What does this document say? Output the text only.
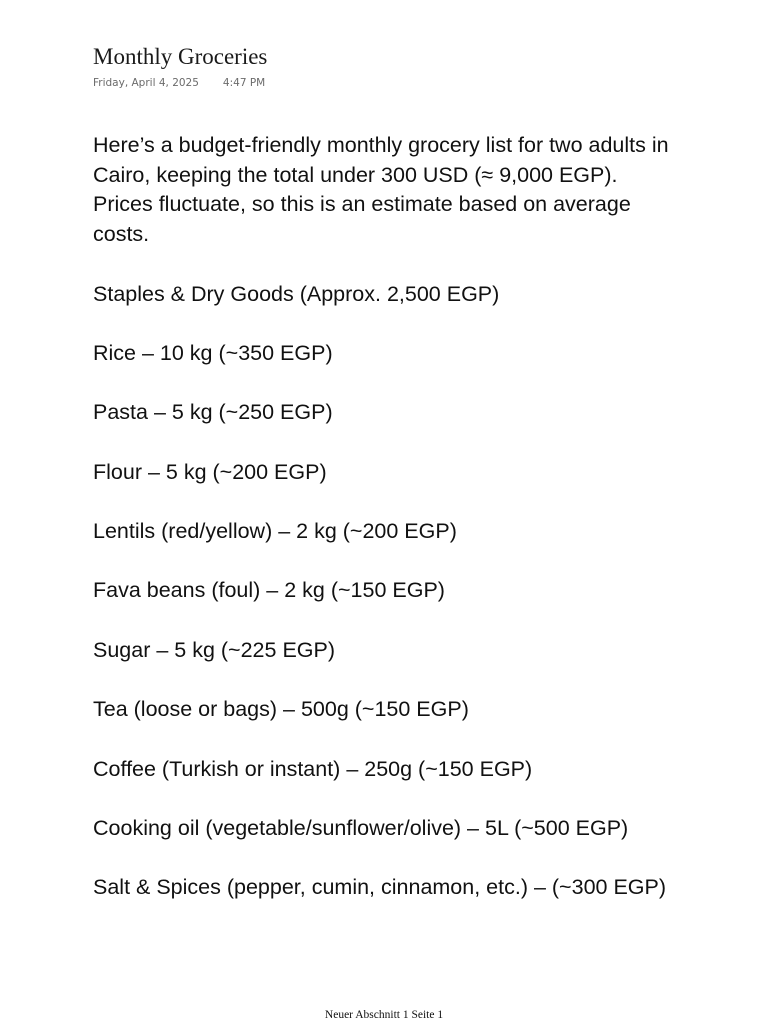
Monthly Groceries
Friday, April 4, 2025 4:47 PM

Here’s a budget-friendly monthly grocery list for two adults in Cairo, keeping the total under 300 USD (≈ 9,000 EGP). Prices fluctuate, so this is an estimate based on average costs.

Staples & Dry Goods (Approx. 2,500 EGP)

Rice – 10 kg (~350 EGP)

Pasta – 5 kg (~250 EGP)

Flour – 5 kg (~200 EGP)

Lentils (red/yellow) – 2 kg (~200 EGP)

Fava beans (foul) – 2 kg (~150 EGP)

Sugar – 5 kg (~225 EGP)

Tea (loose or bags) – 500g (~150 EGP)

Coffee (Turkish or instant) – 250g (~150 EGP)

Cooking oil (vegetable/sunflower/olive) – 5L (~500 EGP)

Salt & Spices (pepper, cumin, cinnamon, etc.) – (~300 EGP)

Neuer Abschnitt 1 Seite 1
